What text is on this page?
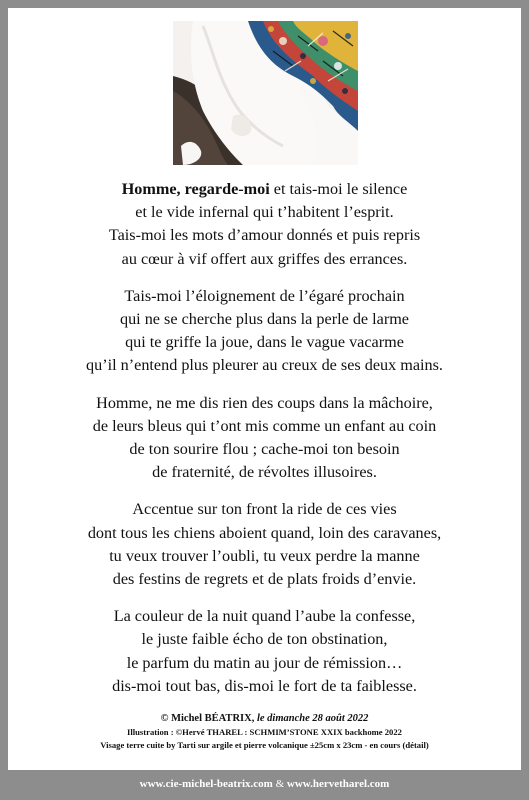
Homme, regarde-moi et tais-moi le silence
et le vide infernal qui t’habitent l’esprit.
Tais-moi les mots d’amour donnés et puis repris
au cœur à vif offert aux griffes des errances.
Tais-moi l’éloignement de l’égaré prochain
qui ne se cherche plus dans la perle de larme
qui te griffe la joue, dans le vague vacarme
qu’il n’entend plus pleurer au creux de ses deux mains.
Homme, ne me dis rien des coups dans la mâchoire,
de leurs bleus qui t’ont mis comme un enfant au coin
de ton sourire flou ; cache-moi ton besoin
de fraternité, de révoltes illusoires.
Accentue sur ton front la ride de ces vies
dont tous les chiens aboient quand, loin des caravanes,
tu veux trouver l’oubli, tu veux perdre la manne
des festins de regrets et de plats froids d’envie.
La couleur de la nuit quand l’aube la confesse,
le juste faible écho de ton obstination,
le parfum du matin au jour de rémission…
dis-moi tout bas, dis-moi le fort de ta faiblesse.
© Michel BÉATRIX, le dimanche 28 août 2022
Illustration : ©Hervé THAREL : SCHMIM’STONE XXIX backhome 2022
Visage terre cuite by Tarti sur argile et pierre volcanique ±25cm x 23cm - en cours (détail)
www.cie-michel-beatrix.com & www.hervetharel.com
